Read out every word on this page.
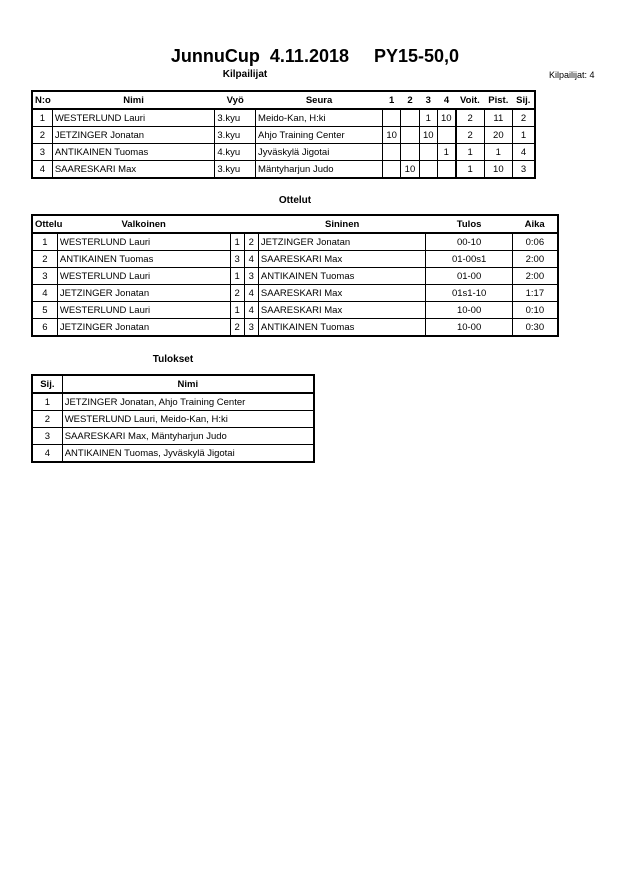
JunnuCup  4.11.2018     PY15-50,0
Kilpailijat	Kilpailijat: 4
N:o	Nimi	Vyö	Seura	1	2	3	4	Voit.	Pist.	Sij.
1	WESTERLUND Lauri	3.kyu	Meido-Kan, H:ki			1	10	2	11	2
2	JETZINGER Jonatan	3.kyu	Ahjo Training Center	10		10		2	20	1
3	ANTIKAINEN Tuomas	4.kyu	Jyväskylä Jigotai				1	1	1	4
4	SAARESKARI Max	3.kyu	Mäntyharjun Judo		10			1	10	3
Ottelut
Ottelu	Valkoinen			Sininen	Tulos	Aika
1	WESTERLUND Lauri	1	2	JETZINGER Jonatan	00-10	0:06
2	ANTIKAINEN Tuomas	3	4	SAARESKARI Max	01-00s1	2:00
3	WESTERLUND Lauri	1	3	ANTIKAINEN Tuomas	01-00	2:00
4	JETZINGER Jonatan	2	4	SAARESKARI Max	01s1-10	1:17
5	WESTERLUND Lauri	1	4	SAARESKARI Max	10-00	0:10
6	JETZINGER Jonatan	2	3	ANTIKAINEN Tuomas	10-00	0:30
Tulokset
Sij.	Nimi
1	JETZINGER Jonatan, Ahjo Training Center
2	WESTERLUND Lauri, Meido-Kan, H:ki
3	SAARESKARI Max, Mäntyharjun Judo
4	ANTIKAINEN Tuomas, Jyväskylä Jigotai
